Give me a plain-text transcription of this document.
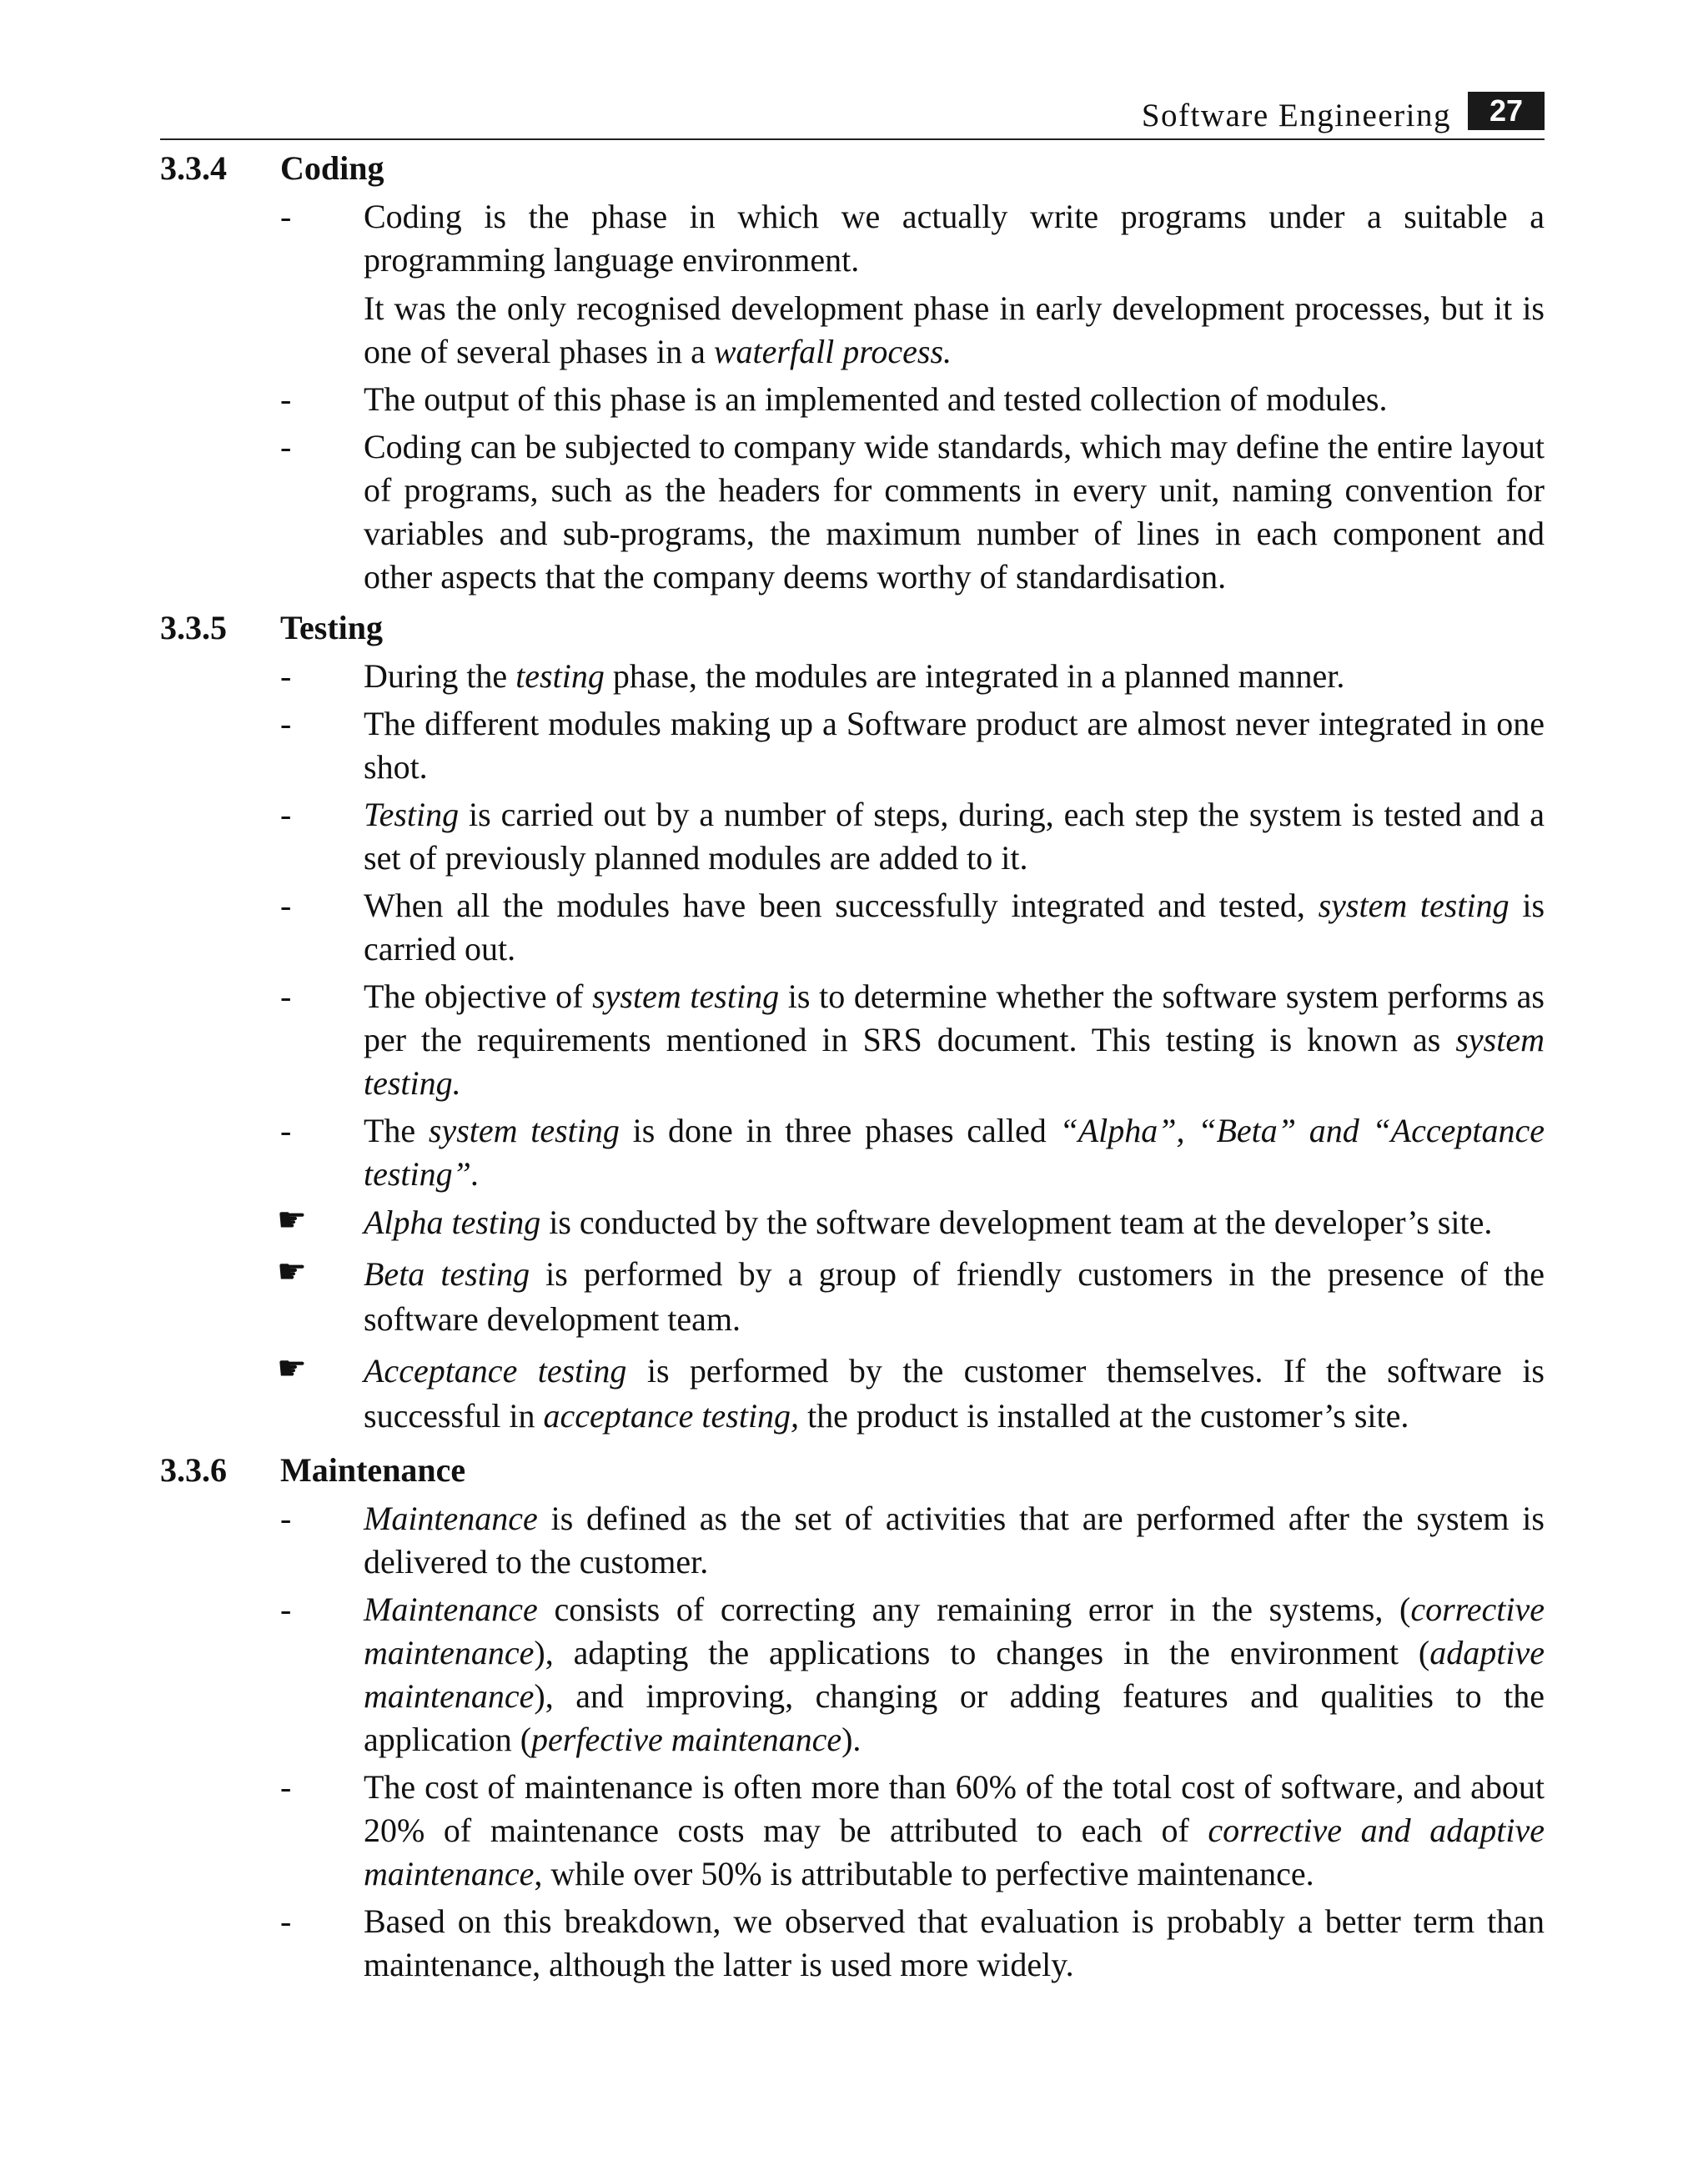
Software Engineering	27
3.3.4 Coding
- Coding is the phase in which we actually write programs under a suitable a programming language environment.

It was the only recognised development phase in early development processes, but it is one of several phases in a waterfall process.

- The output of this phase is an implemented and tested collection of modules.

- Coding can be subjected to company wide standards, which may define the entire layout of programs, such as the headers for comments in every unit, naming convention for variables and sub-programs, the maximum number of lines in each component and other aspects that the company deems worthy of standardisation.

3.3.5 Testing
- During the testing phase, the modules are integrated in a planned manner.

- The different modules making up a Software product are almost never integrated in one shot.

- Testing is carried out by a number of steps, during, each step the system is tested and a set of previously planned modules are added to it.

- When all the modules have been successfully integrated and tested, system testing is carried out.

- The objective of system testing is to determine whether the software system performs as per the requirements mentioned in SRS document. This testing is known as system testing.

- The system testing is done in three phases called “Alpha”, “Beta” and “Acceptance testing”.

☛ Alpha testing is conducted by the software development team at the developer’s site.

☛ Beta testing is performed by a group of friendly customers in the presence of the software development team.

☛ Acceptance testing is performed by the customer themselves. If the software is successful in acceptance testing, the product is installed at the customer’s site.

3.3.6 Maintenance
- Maintenance is defined as the set of activities that are performed after the system is delivered to the customer.

- Maintenance consists of correcting any remaining error in the systems, (corrective maintenance), adapting the applications to changes in the environment (adaptive maintenance), and improving, changing or adding features and qualities to the application (perfective maintenance).

- The cost of maintenance is often more than 60% of the total cost of software, and about 20% of maintenance costs may be attributed to each of corrective and adaptive maintenance, while over 50% is attributable to perfective maintenance.

- Based on this breakdown, we observed that evaluation is probably a better term than maintenance, although the latter is used more widely.
